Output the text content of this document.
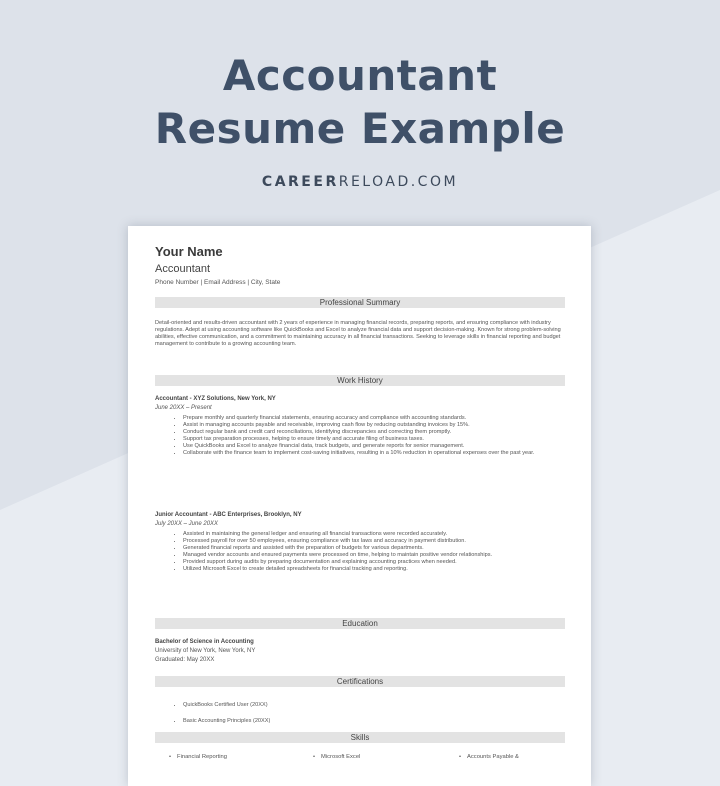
Accountant
Resume Example
CAREERRELOAD.COM
Your Name
Accountant
Phone Number | Email Address | City, State
Professional Summary
Detail-oriented and results-driven accountant with 2 years of experience in managing financial records, preparing reports, and ensuring compliance with industry regulations. Adept at using accounting software like QuickBooks and Excel to analyze financial data and support decision-making. Known for strong problem-solving abilities, effective communication, and a commitment to maintaining accuracy in all financial transactions. Seeking to leverage skills in financial reporting and budget management to contribute to a growing accounting team.
Work History
Accountant - XYZ Solutions, New York, NY
June 20XX – Present
• Prepare monthly and quarterly financial statements, ensuring accuracy and compliance with accounting standards.
• Assist in managing accounts payable and receivable, improving cash flow by reducing outstanding invoices by 15%.
• Conduct regular bank and credit card reconciliations, identifying discrepancies and correcting them promptly.
• Support tax preparation processes, helping to ensure timely and accurate filing of business taxes.
• Use QuickBooks and Excel to analyze financial data, track budgets, and generate reports for senior management.
• Collaborate with the finance team to implement cost-saving initiatives, resulting in a 10% reduction in operational expenses over the past year.
Junior Accountant - ABC Enterprises, Brooklyn, NY
July 20XX – June 20XX
• Assisted in maintaining the general ledger and ensuring all financial transactions were recorded accurately.
• Processed payroll for over 50 employees, ensuring compliance with tax laws and accuracy in payment distribution.
• Generated financial reports and assisted with the preparation of budgets for various departments.
• Managed vendor accounts and ensured payments were processed on time, helping to maintain positive vendor relationships.
• Provided support during audits by preparing documentation and explaining accounting practices when needed.
• Utilized Microsoft Excel to create detailed spreadsheets for financial tracking and reporting.
Education
Bachelor of Science in Accounting
University of New York, New York, NY
Graduated: May 20XX
Certifications
• QuickBooks Certified User (20XX)
• Basic Accounting Principles (20XX)
Skills
• Financial Reporting	• Microsoft Excel	• Accounts Payable &
